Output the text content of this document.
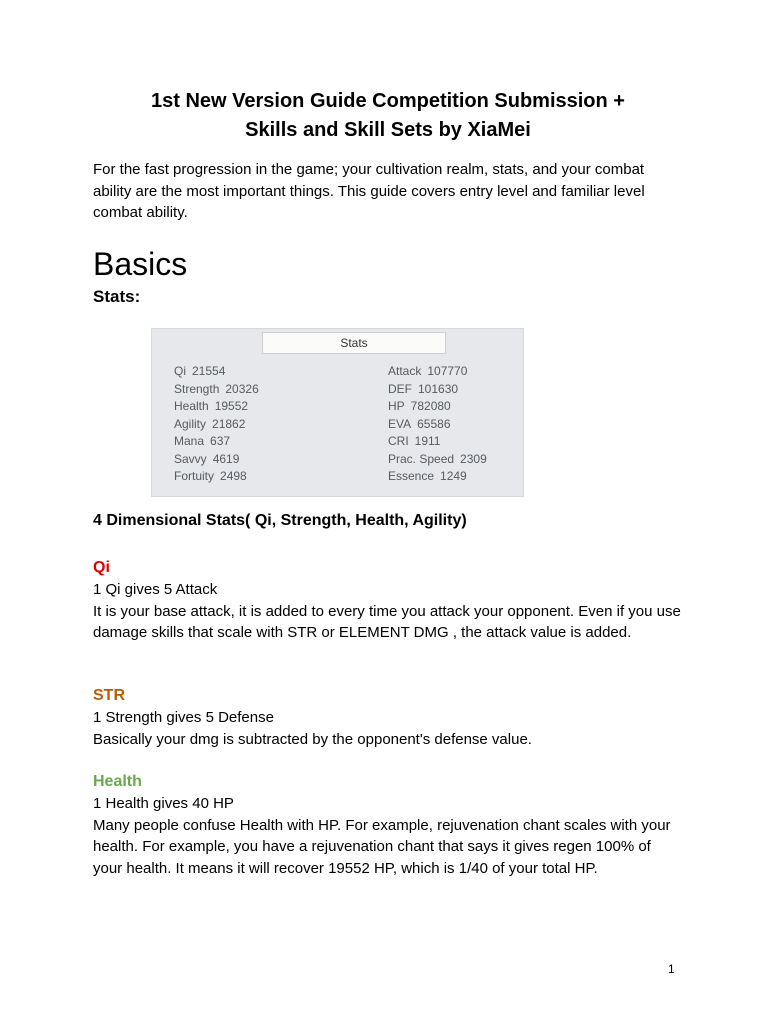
1st New Version Guide Competition Submission +
Skills and Skill Sets by XiaMei

For the fast progression in the game; your cultivation realm, stats, and your combat ability are the most important things. This guide covers entry level and familiar level combat ability.

Basics
Stats:
Stats
Qi 21554
Strength 20326
Health 19552
Agility 21862
Mana 637
Savvy 4619
Fortuity 2498
Attack 107770
DEF 101630
HP 782080
EVA 65586
CRI 1911
Prac. Speed 2309
Essence 1249
4 Dimensional Stats( Qi, Strength, Health, Agility)
Qi

1 Qi gives 5 Attack

It is your base attack, it is added to every time you attack your opponent. Even if you use damage skills that scale with STR or ELEMENT DMG , the attack value is added.

STR

1 Strength gives 5 Defense

Basically your dmg is subtracted by the opponent's defense value.

Health

1 Health gives 40 HP

Many people confuse Health with HP. For example, rejuvenation chant scales with your health. For example, you have a rejuvenation chant that says it gives regen 100% of your health. It means it will recover 19552 HP, which is 1/40 of your total HP.

1
